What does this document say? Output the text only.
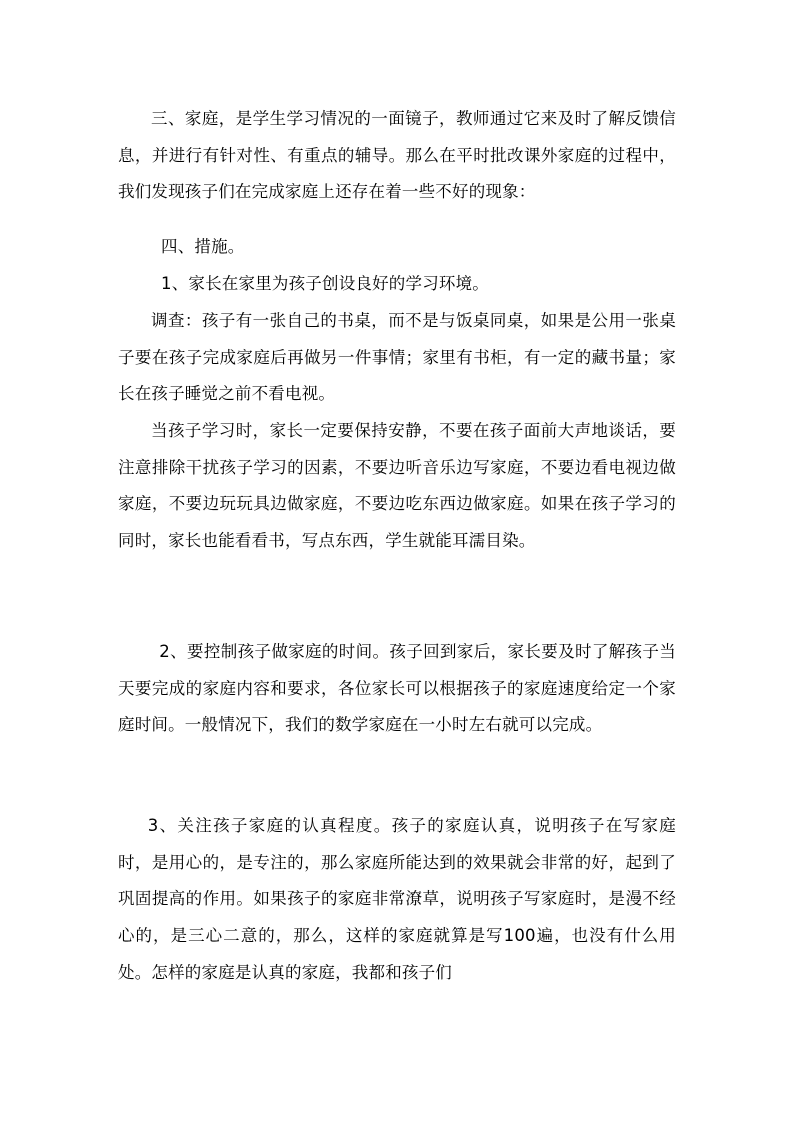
三、家庭，是学生学习情况的一面镜子，教师通过它来及时了解反馈信息，并进行有针对性、有重点的辅导。那么在平时批改课外家庭的过程中，我们发现孩子们在完成家庭上还存在着一些不好的现象：

四、措施。

1、家长在家里为孩子创设良好的学习环境。

调查：孩子有一张自己的书桌，而不是与饭桌同桌，如果是公用一张桌子要在孩子完成家庭后再做另一件事情；家里有书柜，有一定的藏书量；家长在孩子睡觉之前不看电视。

当孩子学习时，家长一定要保持安静，不要在孩子面前大声地谈话，要注意排除干扰孩子学习的因素，不要边听音乐边写家庭，不要边看电视边做家庭，不要边玩玩具边做家庭，不要边吃东西边做家庭。如果在孩子学习的同时，家长也能看看书，写点东西，学生就能耳濡目染。

2、要控制孩子做家庭的时间。孩子回到家后，家长要及时了解孩子当天要完成的家庭内容和要求，各位家长可以根据孩子的家庭速度给定一个家庭时间。一般情况下，我们的数学家庭在一小时左右就可以完成。

3、关注孩子家庭的认真程度。孩子的家庭认真，说明孩子在写家庭时，是用心的，是专注的，那么家庭所能达到的效果就会非常的好，起到了巩固提高的作用。如果孩子的家庭非常潦草，说明孩子写家庭时，是漫不经心的，是三心二意的，那么，这样的家庭就算是写100遍，也没有什么用处。怎样的家庭是认真的家庭，我都和孩子们
